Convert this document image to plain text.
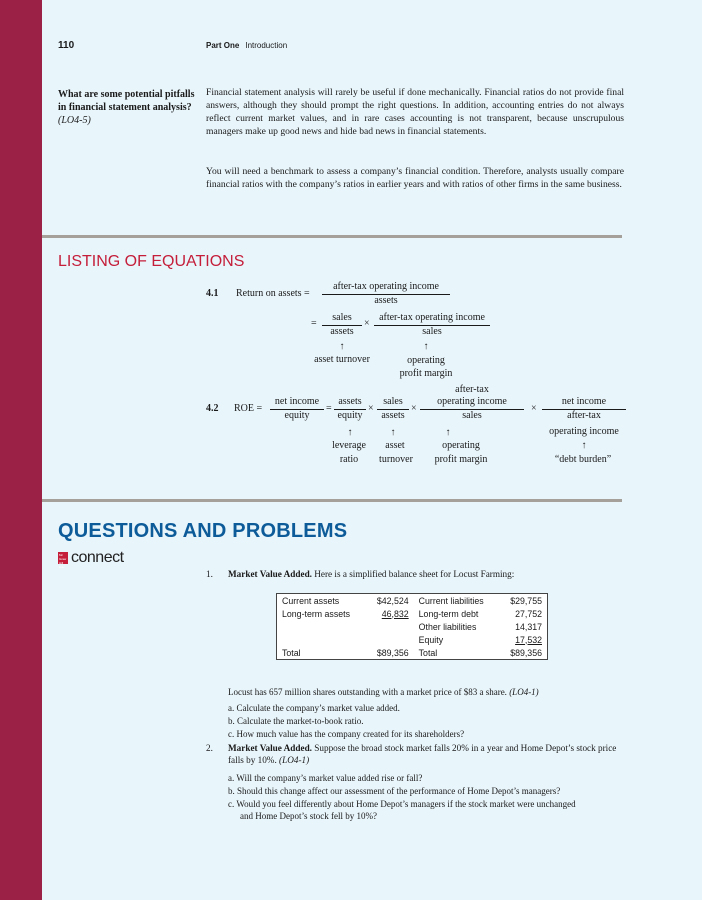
110	Part One Introduction
What are some potential pitfalls in financial statement analysis? (LO4-5)
Financial statement analysis will rarely be useful if done mechanically. Financial ratios do not provide final answers, although they should prompt the right questions. In addition, accounting entries do not always reflect current market values, and in rare cases accounting is not transparent, because unscrupulous managers make up good news and hide bad news in financial statements.
You will need a benchmark to assess a company’s financial condition. Therefore, analysts usually compare financial ratios with the company’s ratios in earlier years and with ratios of other firms in the same business.
LISTING OF EQUATIONS
4.1 Return on assets =
after-tax operating income
assets
=
sales
assets
×
after-tax operating income
sales
↑	↑
asset turnover	operating
profit margin
4.2 ROE =
net income
equity
=
assets
equity
×
sales
assets
×
after-tax
operating income
sales
×
net income
after-tax
operating income
↑	↑	↑
↑
leverage
ratio
asset
turnover
operating
profit margin	“debt burden”
QUESTIONS AND PROBLEMS
Mc Graw Hill Edu
connect
1. Market Value Added. Here is a simplified balance sheet for Locust Farming:
Current assets	$42,524	Current liabilities	$29,755
Long-term assets	46,832	Long-term debt	27,752
		Other liabilities	14,317
		Equity	17,532
Total	$89,356	Total	$89,356
Locust has 657 million shares outstanding with a market price of $83 a share. (LO4-1)
a. Calculate the company’s market value added.
b. Calculate the market-to-book ratio.
c. How much value has the company created for its shareholders?
2. Market Value Added. Suppose the broad stock market falls 20% in a year and Home Depot’s stock price falls by 10%. (LO4-1)
a. Will the company’s market value added rise or fall?
b. Should this change affect our assessment of the performance of Home Depot’s managers?
c. Would you feel differently about Home Depot’s managers if the stock market were unchanged
and Home Depot’s stock fell by 10%?
